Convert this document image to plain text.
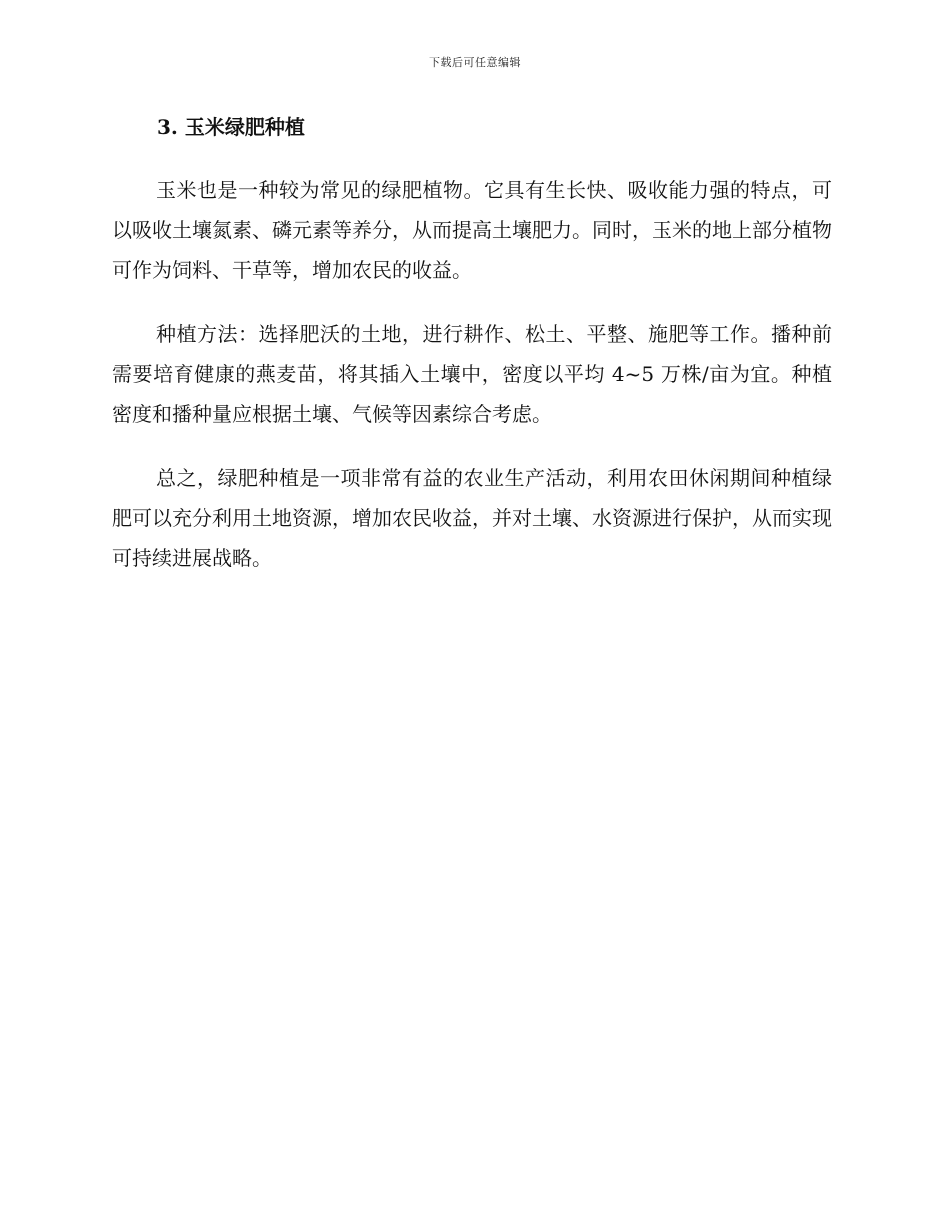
下载后可任意编辑
3. 玉米绿肥种植

玉米也是一种较为常见的绿肥植物。它具有生长快、吸收能力强的特点，可以吸收土壤氮素、磷元素等养分，从而提高土壤肥力。同时，玉米的地上部分植物可作为饲料、干草等，增加农民的收益。

种植方法：选择肥沃的土地，进行耕作、松土、平整、施肥等工作。播种前需要培育健康的燕麦苗，将其插入土壤中，密度以平均 4~5 万株/亩为宜。种植密度和播种量应根据土壤、气候等因素综合考虑。

总之，绿肥种植是一项非常有益的农业生产活动，利用农田休闲期间种植绿肥可以充分利用土地资源，增加农民收益，并对土壤、水资源进行保护，从而实现可持续进展战略。
